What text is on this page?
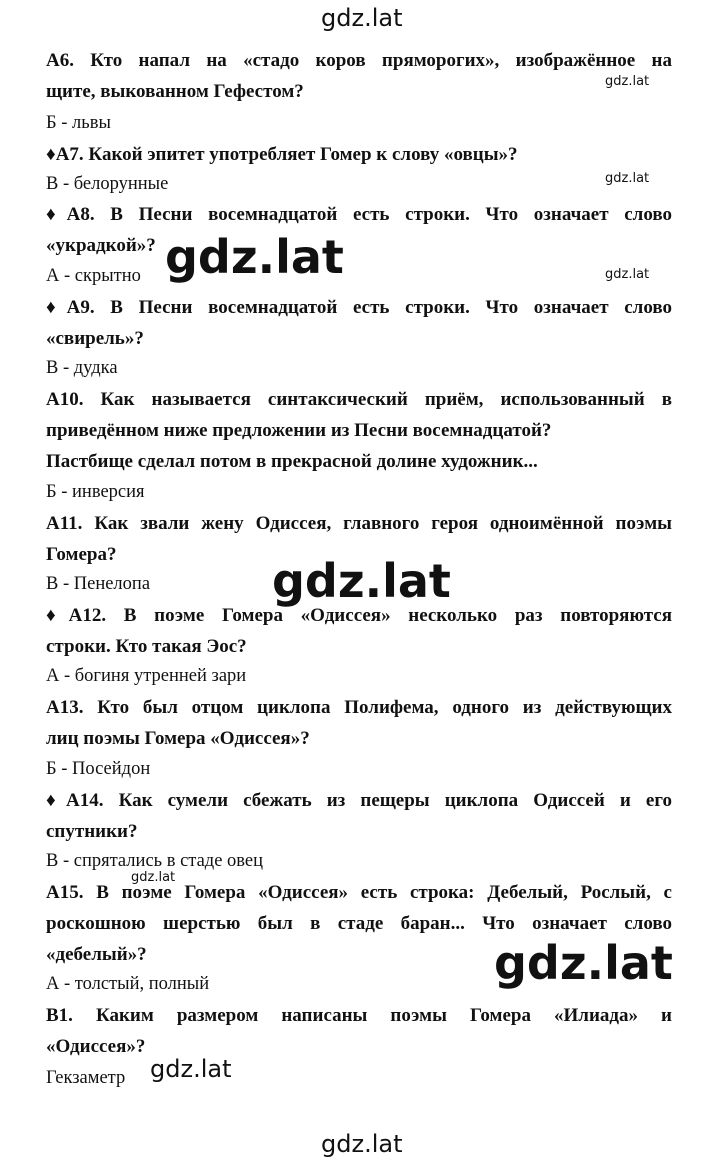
gdz.lat
gdz.lat
gdz.lat
gdz.lat
gdz.lat
gdz.lat
gdz.lat
gdz.lat
gdz.lat
gdz.lat
А6. Кто напал на «стадо коров пряморогих», изображённое на
щите, выкованном Гефестом?
Б - львы
♦А7. Какой эпитет употребляет Гомер к слову «овцы»?
В - белорунные
♦А8. В Песни восемнадцатой есть строки. Что означает слово
«украдкой»?
А - скрытно
♦А9. В Песни восемнадцатой есть строки. Что означает слово
«свирель»?
В - дудка
А10. Как называется синтаксический приём, использованный в
приведённом ниже предложении из Песни восемнадцатой?
Пастбище сделал потом в прекрасной долине художник...
Б - инверсия
А11. Как звали жену Одиссея, главного героя одноимённой поэмы
Гомера?
В - Пенелопа
♦А12. В поэме Гомера «Одиссея» несколько раз повторяются
строки. Кто такая Эос?
А - богиня утренней зари
А13. Кто был отцом циклопа Полифема, одного из действующих
лиц поэмы Гомера «Одиссея»?
Б - Посейдон
♦А14. Как сумели сбежать из пещеры циклопа Одиссей и его
спутники?
В - спрятались в стаде овец
А15. В поэме Гомера «Одиссея» есть строка: Дебелый, Рослый, с
роскошною шерстью был в стаде баран... Что означает слово
«дебелый»?
А - толстый, полный
В1. Каким размером написаны поэмы Гомера «Илиада» и
«Одиссея»?
Гекзаметр
